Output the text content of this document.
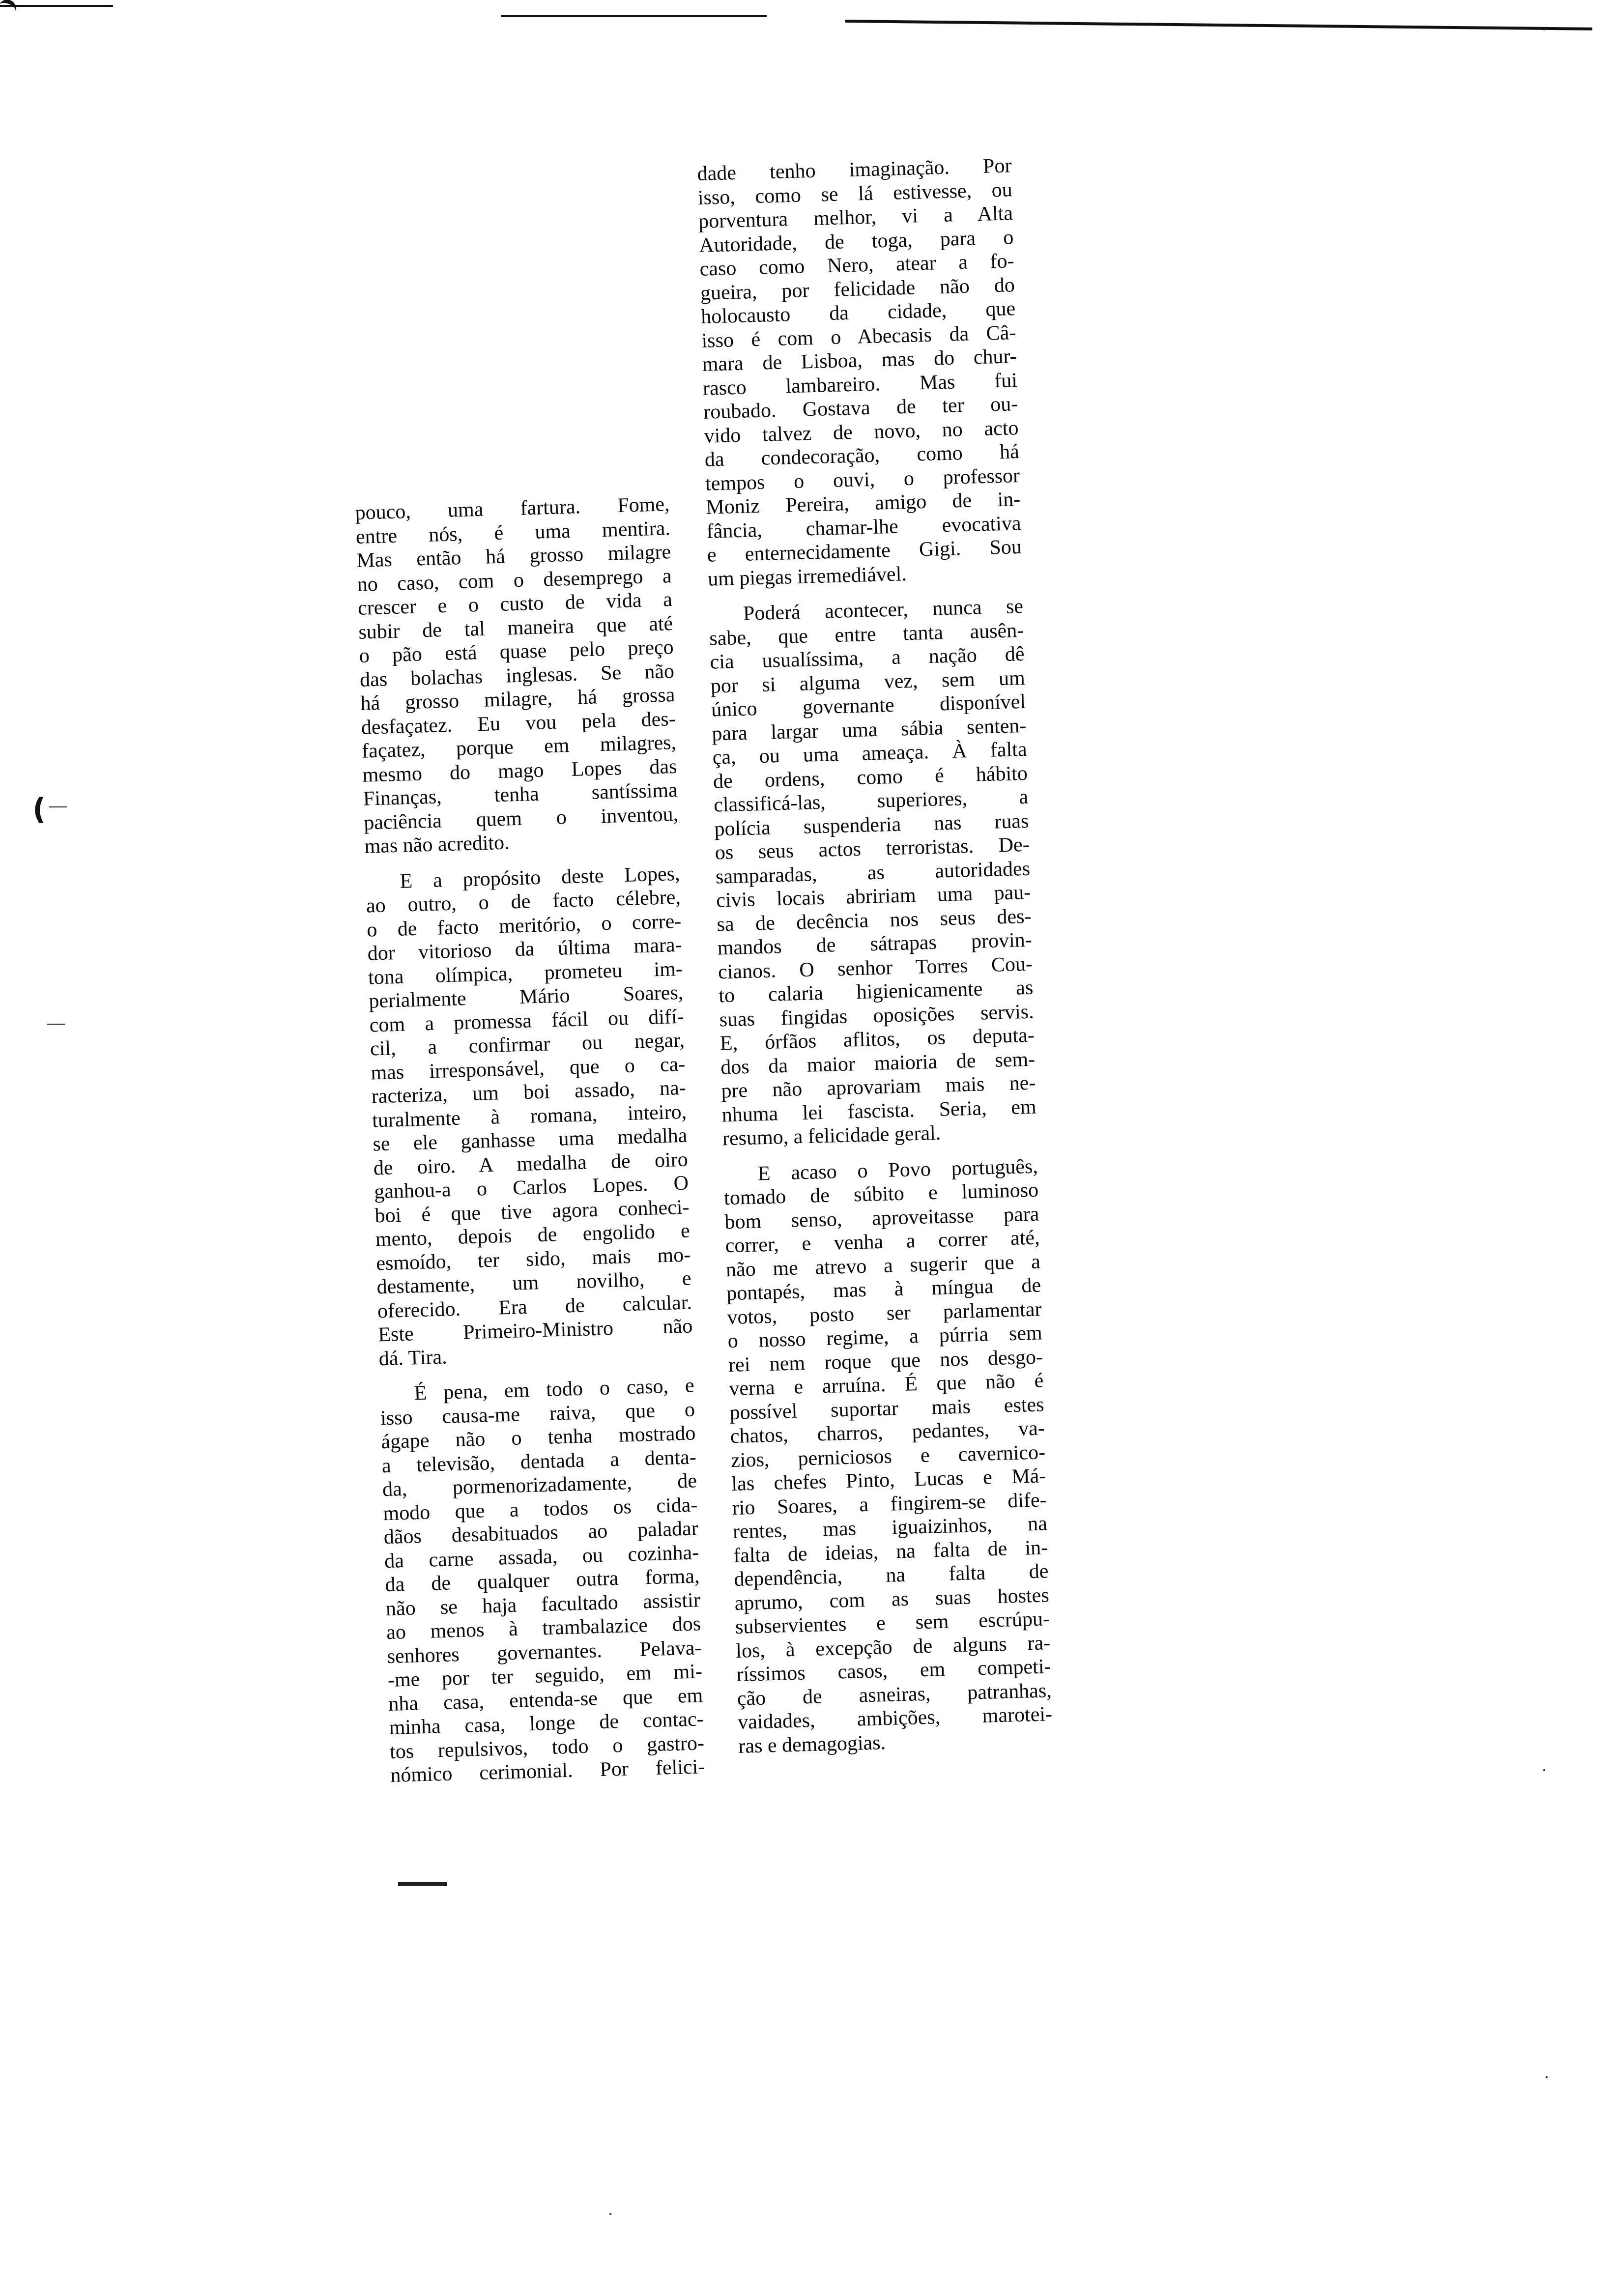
(
pouco, uma fartura. Fome,
entre nós, é uma mentira.
Mas então há grosso milagre
no caso, com o desemprego a
crescer e o custo de vida a
subir de tal maneira que até
o pão está quase pelo preço
das bolachas inglesas. Se não
há grosso milagre, há grossa
desfaçatez. Eu vou pela des-
façatez, porque em milagres,
mesmo do mago Lopes das
Finanças, tenha santíssima
paciência quem o inventou,
mas não acredito.
E a propósito deste Lopes,
ao outro, o de facto célebre,
o de facto meritório, o corre-
dor vitorioso da última mara-
tona olímpica, prometeu im-
perialmente Mário Soares,
com a promessa fácil ou difí-
cil, a confirmar ou negar,
mas irresponsável, que o ca-
racteriza, um boi assado, na-
turalmente à romana, inteiro,
se ele ganhasse uma medalha
de oiro. A medalha de oiro
ganhou-a o Carlos Lopes. O
boi é que tive agora conheci-
mento, depois de engolido e
esmoído, ter sido, mais mo-
destamente, um novilho, e
oferecido. Era de calcular.
Este Primeiro-Ministro não
dá. Tira.
É pena, em todo o caso, e
isso causa-me raiva, que o
ágape não o tenha mostrado
a televisão, dentada a denta-
da, pormenorizadamente, de
modo que a todos os cida-
dãos desabituados ao paladar
da carne assada, ou cozinha-
da de qualquer outra forma,
não se haja facultado assistir
ao menos à trambalazice dos
senhores governantes. Pelava-
-me por ter seguido, em mi-
nha casa, entenda-se que em
minha casa, longe de contac-
tos repulsivos, todo o gastro-
nómico cerimonial. Por felici-
dade tenho imaginação. Por
isso, como se lá estivesse, ou
porventura melhor, vi a Alta
Autoridade, de toga, para o
caso como Nero, atear a fo-
gueira, por felicidade não do
holocausto da cidade, que
isso é com o Abecasis da Câ-
mara de Lisboa, mas do chur-
rasco lambareiro. Mas fui
roubado. Gostava de ter ou-
vido talvez de novo, no acto
da condecoração, como há
tempos o ouvi, o professor
Moniz Pereira, amigo de in-
fância, chamar-lhe evocativa
e enternecidamente Gigi. Sou
um piegas irremediável.
Poderá acontecer, nunca se
sabe, que entre tanta ausên-
cia usualíssima, a nação dê
por si alguma vez, sem um
único governante disponível
para largar uma sábia senten-
ça, ou uma ameaça. À falta
de ordens, como é hábito
classificá-las, superiores, a
polícia suspenderia nas ruas
os seus actos terroristas. De-
samparadas, as autoridades
civis locais abririam uma pau-
sa de decência nos seus des-
mandos de sátrapas provin-
cianos. O senhor Torres Cou-
to calaria higienicamente as
suas fingidas oposições servis.
E, órfãos aflitos, os deputa-
dos da maior maioria de sem-
pre não aprovariam mais ne-
nhuma lei fascista. Seria, em
resumo, a felicidade geral.
E acaso o Povo português,
tomado de súbito e luminoso
bom senso, aproveitasse para
correr, e venha a correr até,
não me atrevo a sugerir que a
pontapés, mas à míngua de
votos, posto ser parlamentar
o nosso regime, a púrria sem
rei nem roque que nos desgo-
verna e arruína. É que não é
possível suportar mais estes
chatos, charros, pedantes, va-
zios, perniciosos e cavernico-
las chefes Pinto, Lucas e Má-
rio Soares, a fingirem-se dife-
rentes, mas iguaizinhos, na
falta de ideias, na falta de in-
dependência, na falta de
aprumo, com as suas hostes
subservientes e sem escrúpu-
los, à excepção de alguns ra-
ríssimos casos, em competi-
ção de asneiras, patranhas,
vaidades, ambições, marotei-
ras e demagogias.
